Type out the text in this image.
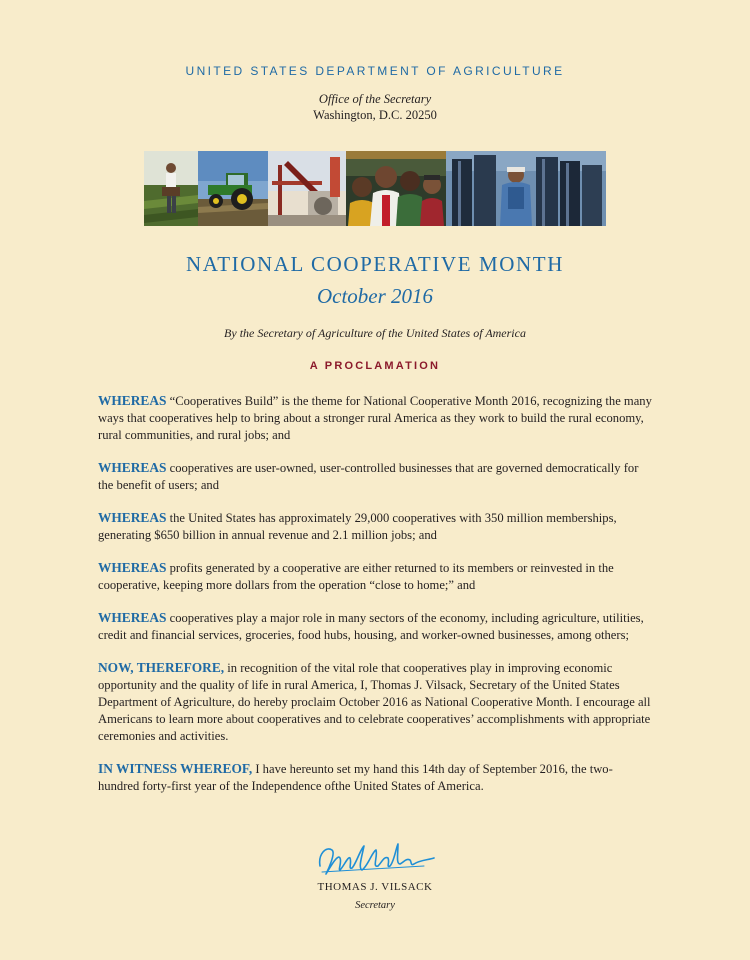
UNITED STATES DEPARTMENT OF AGRICULTURE
Office of the Secretary
Washington, D.C. 20250
NATIONAL COOPERATIVE MONTH
October 2016
By the Secretary of Agriculture of the United States of America
A PROCLAMATION

WHEREAS “Cooperatives Build” is the theme for National Cooperative Month 2016, recognizing the many ways that cooperatives help to bring about a stronger rural America as they work to build the rural economy, rural communities, and rural jobs; and

WHEREAS cooperatives are user-owned, user-controlled businesses that are governed democratically for the benefit of users; and

WHEREAS the United States has approximately 29,000 cooperatives with 350 million memberships, generating $650 billion in annual revenue and 2.1 million jobs; and

WHEREAS profits generated by a cooperative are either returned to its members or reinvested in the cooperative, keeping more dollars from the operation “close to home;” and

WHEREAS cooperatives play a major role in many sectors of the economy, including agriculture, utilities, credit and financial services, groceries, food hubs, housing, and worker-owned businesses, among others;

NOW, THEREFORE, in recognition of the vital role that cooperatives play in improving economic opportunity and the quality of life in rural America, I, Thomas J. Vilsack, Secretary of the United States Department of Agriculture, do hereby proclaim October 2016 as National Cooperative Month. I encourage all Americans to learn more about cooperatives and to celebrate cooperatives’ accomplishments with appropriate ceremonies and activities.

IN WITNESS WHEREOF, I have hereunto set my hand this 14th day of September 2016, the two-hundred forty-first year of the Independence ofthe United States of America.

THOMAS J. VILSACK
Secretary
